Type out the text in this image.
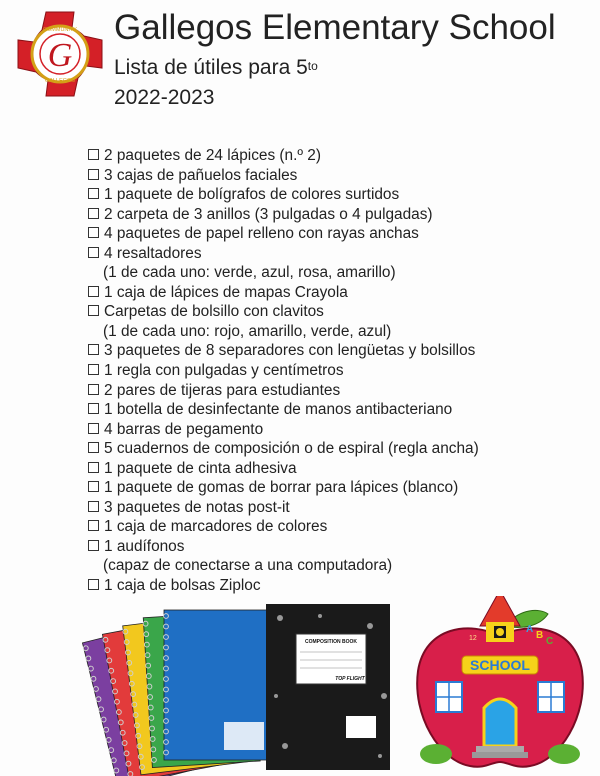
G
COMMUNITY
GALLEGOS
Gallegos Elementary School
Lista de útiles para $5^{to}$
2022-2023
2 paquetes de 24 lápices (n.º 2)
3 cajas de pañuelos faciales
1 paquete de bolígrafos de colores surtidos
2 carpeta de 3 anillos (3 pulgadas o 4 pulgadas)
4 paquetes de papel relleno con rayas anchas
4 resaltadores
(1 de cada uno: verde, azul, rosa, amarillo)
1 caja de lápices de mapas Crayola
Carpetas de bolsillo con clavitos
(1 de cada uno: rojo, amarillo, verde, azul)
3 paquetes de 8 separadores con lengüetas y bolsillos
1 regla con pulgadas y centímetros
2 pares de tijeras para estudiantes
1 botella de desinfectante de manos antibacteriano
4 barras de pegamento
5 cuadernos de composición o de espiral (regla ancha)
1 paquete de cinta adhesiva
1 paquete de gomas de borrar para lápices (blanco)
3 paquetes de notas post-it
1 caja de marcadores de colores
1 audífonos
(capaz de conectarse a una computadora)
1 caja de bolsas Ziploc
COMPOSITION BOOK
TOP FLIGHT
12
A
B
C
SCHOOL
